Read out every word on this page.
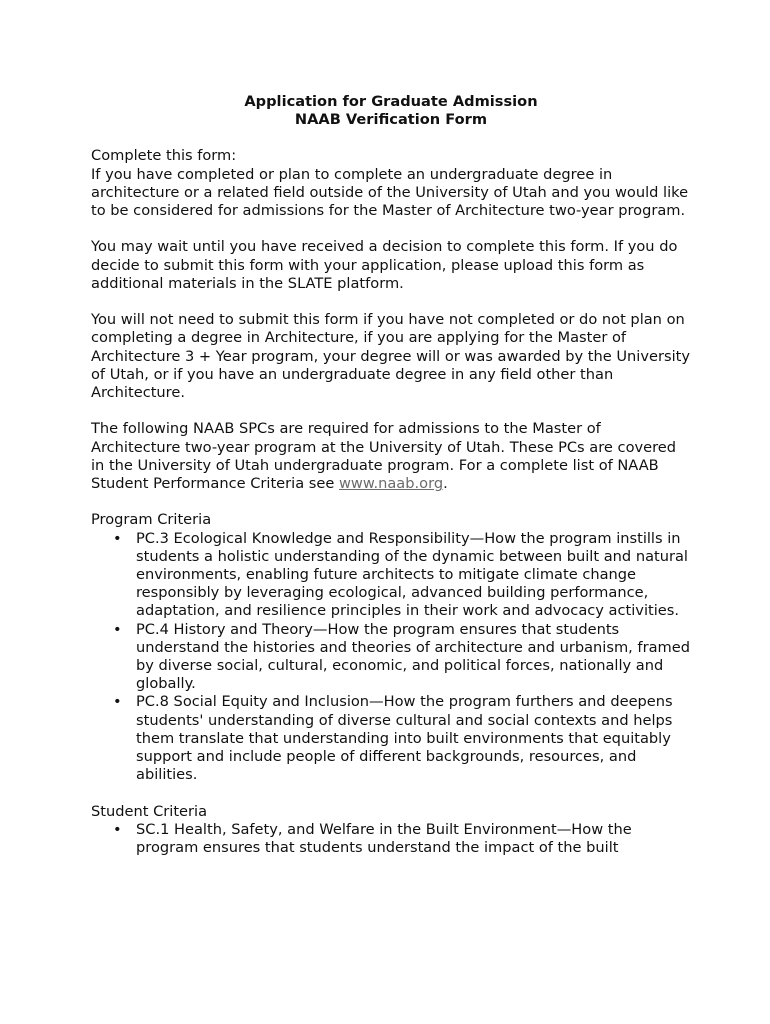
Application for Graduate Admission

NAAB Verification Form

Complete this form:

If you have completed or plan to complete an undergraduate degree in architecture or a related field outside of the University of Utah and you would like to be considered for admissions for the Master of Architecture two-year program.

You may wait until you have received a decision to complete this form. If you do decide to submit this form with your application, please upload this form as additional materials in the SLATE platform.

You will not need to submit this form if you have not completed or do not plan on completing a degree in Architecture, if you are applying for the Master of Architecture 3 + Year program, your degree will or was awarded by the University of Utah, or if you have an undergraduate degree in any field other than Architecture.

The following NAAB SPCs are required for admissions to the Master of Architecture two-year program at the University of Utah. These PCs are covered in the University of Utah undergraduate program. For a complete list of NAAB Student Performance Criteria see www.naab.org.

Program Criteria

• PC.3 Ecological Knowledge and Responsibility—How the program instills in students a holistic understanding of the dynamic between built and natural environments, enabling future architects to mitigate climate change responsibly by leveraging ecological, advanced building performance, adaptation, and resilience principles in their work and advocacy activities.
• PC.4 History and Theory—How the program ensures that students understand the histories and theories of architecture and urbanism, framed by diverse social, cultural, economic, and political forces, nationally and globally.
• PC.8 Social Equity and Inclusion—How the program furthers and deepens students' understanding of diverse cultural and social contexts and helps them translate that understanding into built environments that equitably support and include people of different backgrounds, resources, and abilities.

Student Criteria

• SC.1 Health, Safety, and Welfare in the Built Environment—How the program ensures that students understand the impact of the built
